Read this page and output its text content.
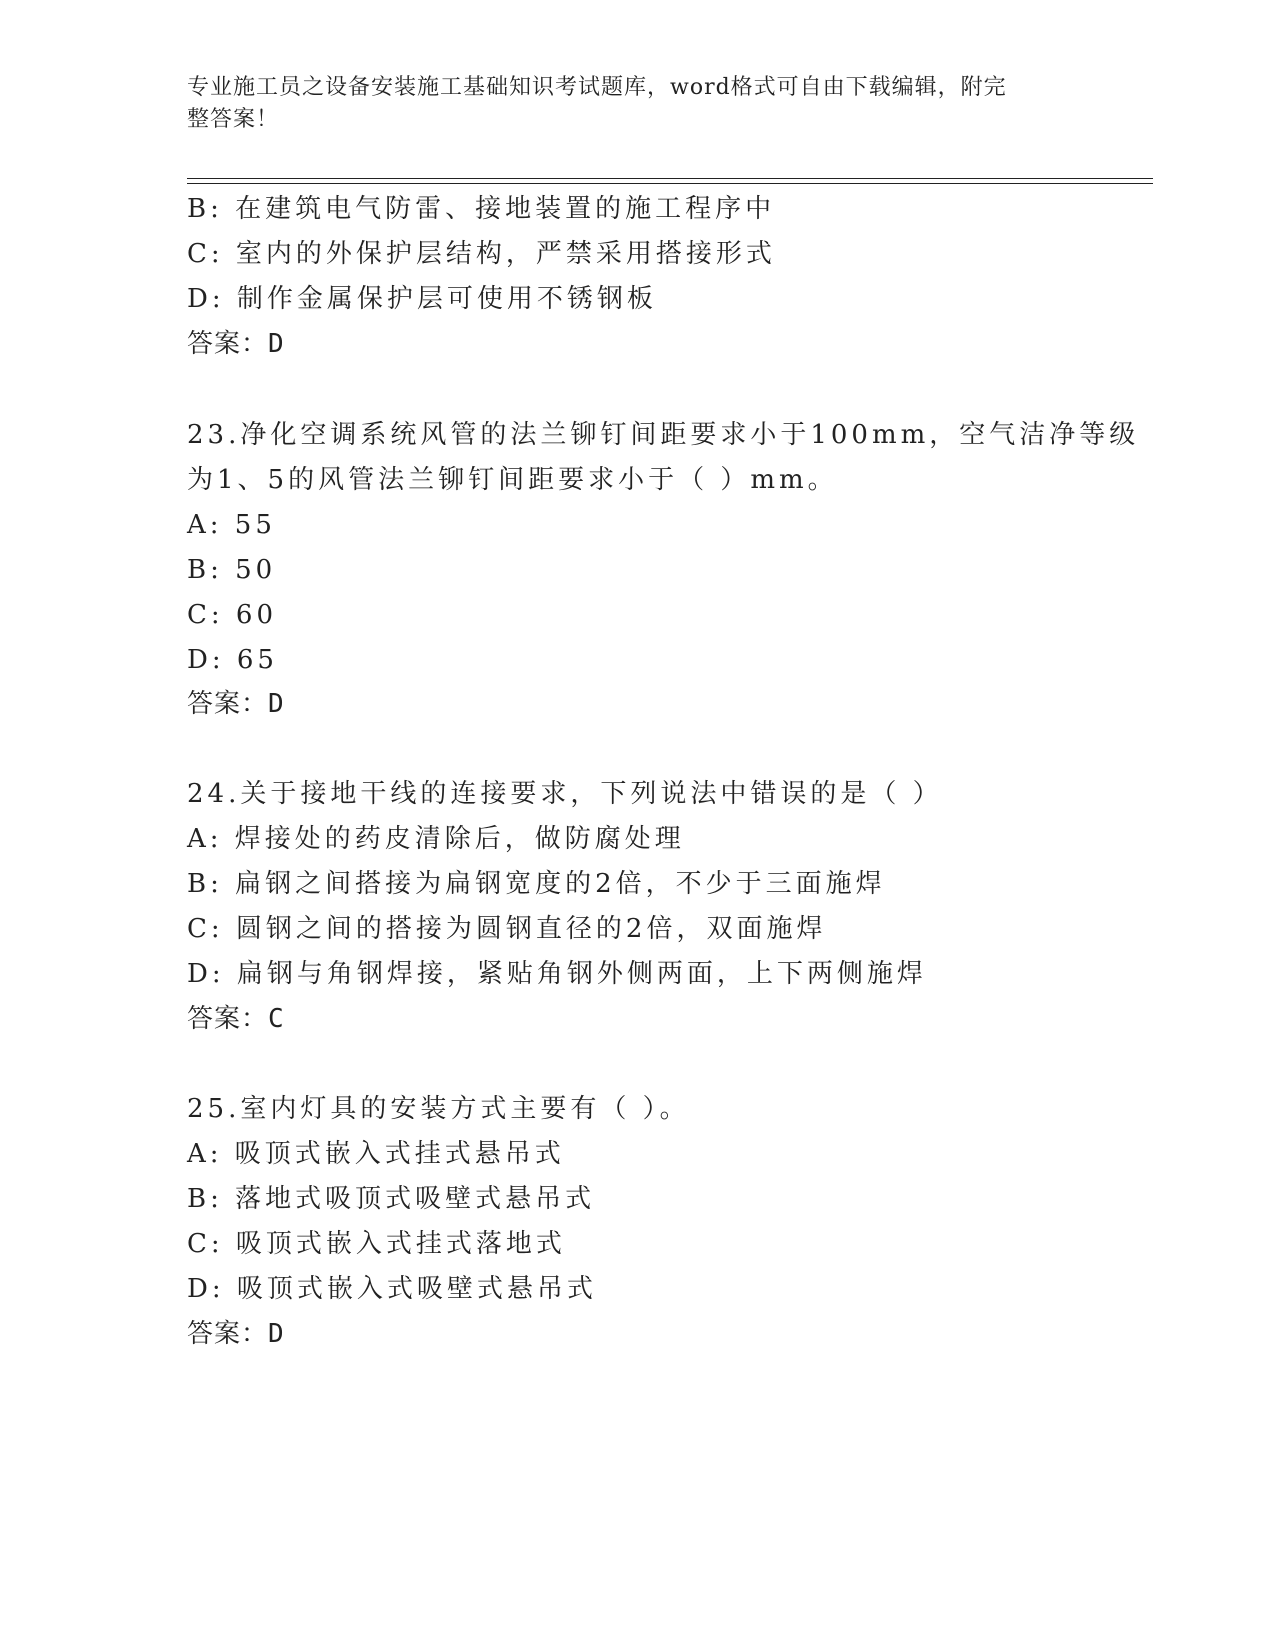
专业施工员之设备安装施工基础知识考试题库，word格式可自由下载编辑，附完
整答案！
B: 在建筑电气防雷、接地装置的施工程序中
C: 室内的外保护层结构，严禁采用搭接形式
D: 制作金属保护层可使用不锈钢板
答案：D
23.净化空调系统风管的法兰铆钉间距要求小于100mm，空气洁净等级
为1、5的风管法兰铆钉间距要求小于（ ）mm。
A: 55
B: 50
C: 60
D: 65
答案：D
24.关于接地干线的连接要求，下列说法中错误的是（ ）
A: 焊接处的药皮清除后，做防腐处理
B: 扁钢之间搭接为扁钢宽度的2倍，不少于三面施焊
C: 圆钢之间的搭接为圆钢直径的2倍，双面施焊
D: 扁钢与角钢焊接，紧贴角钢外侧两面，上下两侧施焊
答案：C
25.室内灯具的安装方式主要有（ ）。
A: 吸顶式嵌入式挂式悬吊式
B: 落地式吸顶式吸壁式悬吊式
C: 吸顶式嵌入式挂式落地式
D: 吸顶式嵌入式吸壁式悬吊式
答案：D
